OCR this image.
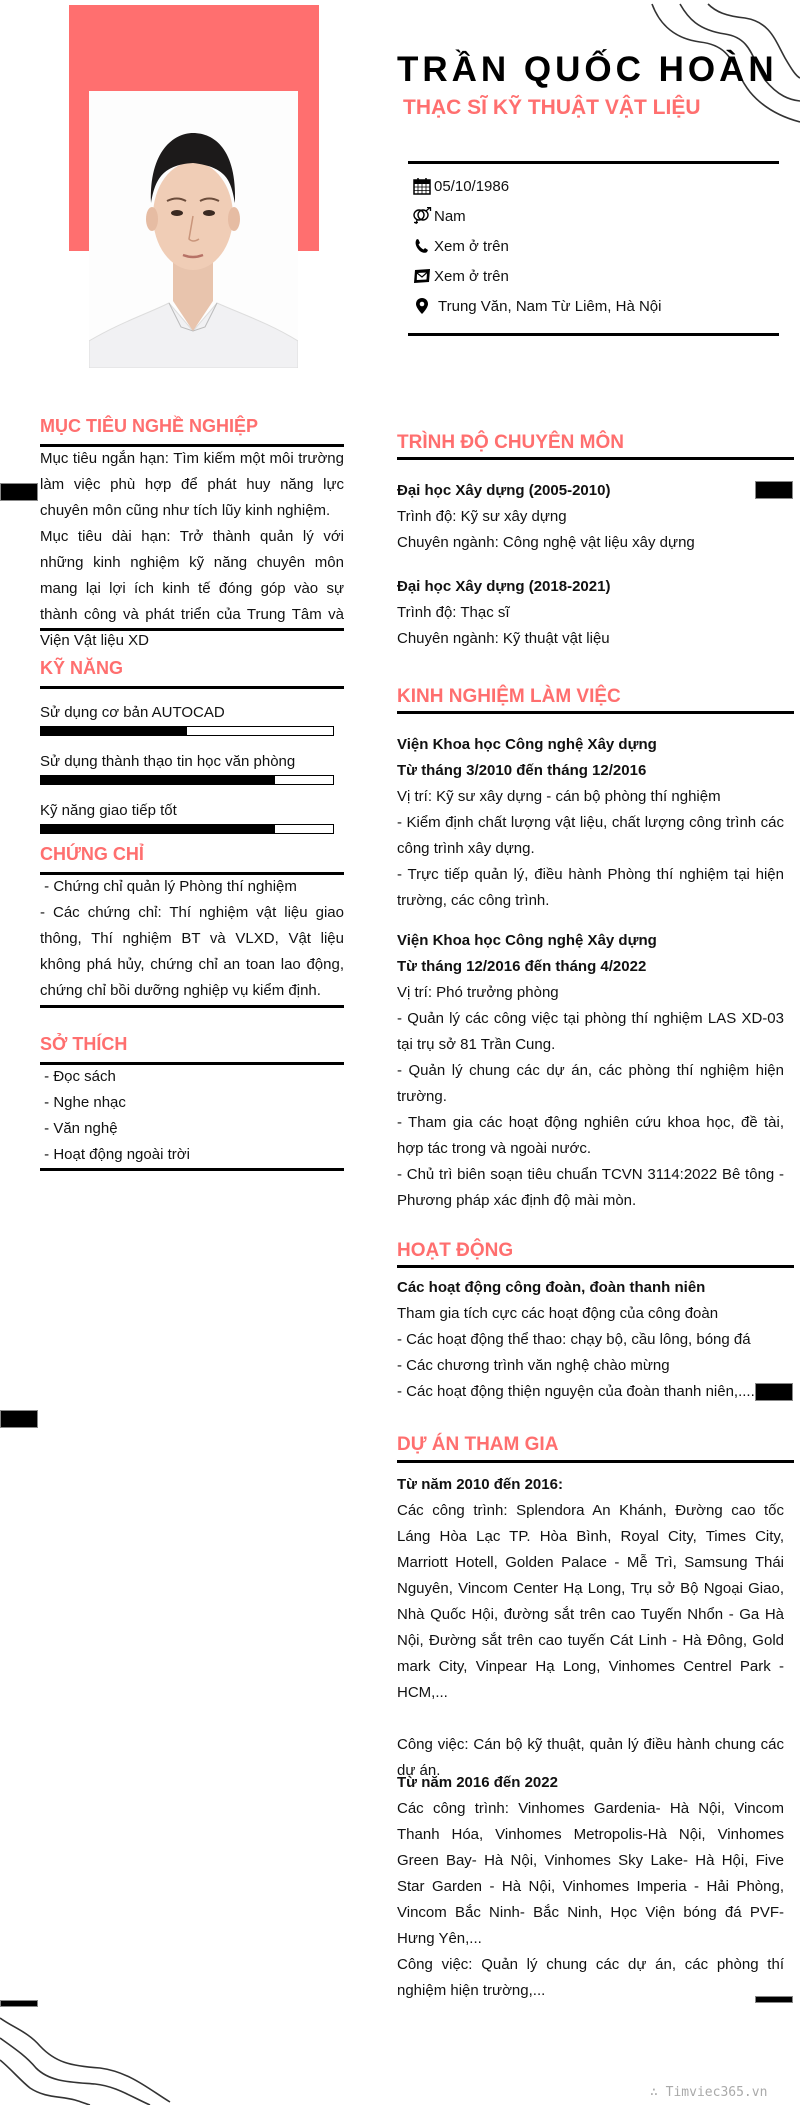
TRẦN QUỐC HOÀN
THẠC SĨ KỸ THUẬT VẬT LIỆU
05/10/1986
Nam
Xem ở trên
Xem ở trên
Trung Văn, Nam Từ Liêm, Hà Nội
MỤC TIÊU NGHỀ NGHIỆP

Mục tiêu ngắn hạn: Tìm kiếm một môi trường làm việc phù hợp để phát huy năng lực chuyên môn cũng như tích lũy kinh nghiệm.

Mục tiêu dài hạn: Trở thành quản lý với những kinh nghiệm kỹ năng chuyên môn mang lại lợi ích kinh tế đóng góp vào sự thành công và phát triển của Trung Tâm và Viện Vật liệu XD

KỸ NĂNG
Sử dụng cơ bản AUTOCAD
Sử dụng thành thạo tin học văn phòng
Kỹ năng giao tiếp tốt
CHỨNG CHỈ

- Chứng chỉ quản lý Phòng thí nghiệm

- Các chứng chỉ: Thí nghiệm vật liệu giao thông, Thí nghiệm BT và VLXD, Vật liệu không phá hủy, chứng chỉ an toan lao động, chứng chỉ bồi dưỡng nghiệp vụ kiểm định.

SỞ THÍCH

- Đọc sách

- Nghe nhạc

- Văn nghệ

- Hoạt động ngoài trời

TRÌNH ĐỘ CHUYÊN MÔN

Đại học Xây dựng (2005-2010)

Trình độ: Kỹ sư xây dựng

Chuyên ngành: Công nghệ vật liệu xây dựng

Đại học Xây dựng (2018-2021)

Trình độ: Thạc sĩ

Chuyên ngành: Kỹ thuật vật liệu

KINH NGHIỆM LÀM VIỆC

Viện Khoa học Công nghệ Xây dựng

Từ tháng 3/2010 đến tháng 12/2016

Vị trí: Kỹ sư xây dựng - cán bộ phòng thí nghiệm

- Kiểm định chất lượng vật liệu, chất lượng công trình các công trình xây dựng.

- Trực tiếp quản lý, điều hành Phòng thí nghiệm tại hiện trường, các công trình.

Viện Khoa học Công nghệ Xây dựng

Từ tháng 12/2016 đến tháng 4/2022

Vị trí: Phó trưởng phòng

- Quản lý các công việc tại phòng thí nghiệm LAS XD-03 tại trụ sở 81 Trần Cung.

- Quản lý chung các dự án, các phòng thí nghiệm hiện trường.

- Tham gia các hoạt động nghiên cứu khoa học, đề tài, hợp tác trong và ngoài nước.

- Chủ trì biên soạn tiêu chuẩn TCVN 3114:2022 Bê tông - Phương pháp xác định độ mài mòn.

HOẠT ĐỘNG

Các hoạt động công đoàn, đoàn thanh niên

Tham gia tích cực các hoạt động của công đoàn

- Các hoạt động thể thao: chạy bộ, cầu lông, bóng đá

- Các chương trình văn nghệ chào mừng

- Các hoạt động thiện nguyện của đoàn thanh niên,....

DỰ ÁN THAM GIA

Từ năm 2010 đến 2016:

Các công trình: Splendora An Khánh, Đường cao tốc Láng Hòa Lạc TP. Hòa Bình, Royal City, Times City, Marriott Hotell, Golden Palace - Mễ Trì, Samsung Thái Nguyên, Vincom Center Hạ Long, Trụ sở Bộ Ngoại Giao, Nhà Quốc Hội, đường sắt trên cao Tuyến Nhổn - Ga Hà Nội, Đường sắt trên cao tuyến Cát Linh - Hà Đông, Gold mark City, Vinpear Hạ Long, Vinhomes Centrel Park - HCM,...

Công việc: Cán bộ kỹ thuật, quản lý điều hành chung các dự án.

Từ năm 2016 đến 2022

Các công trình: Vinhomes Gardenia- Hà Nội, Vincom Thanh Hóa, Vinhomes Metropolis-Hà Nội, Vinhomes Green Bay- Hà Nội, Vinhomes Sky Lake- Hà Hội, Five Star Garden - Hà Nội, Vinhomes Imperia - Hải Phòng, Vincom Bắc Ninh- Bắc Ninh, Học Viện bóng đá PVF- Hưng Yên,...

Công việc: Quản lý chung các dự án, các phòng thí nghiệm hiện trường,...

∴ Timviec365.vn
